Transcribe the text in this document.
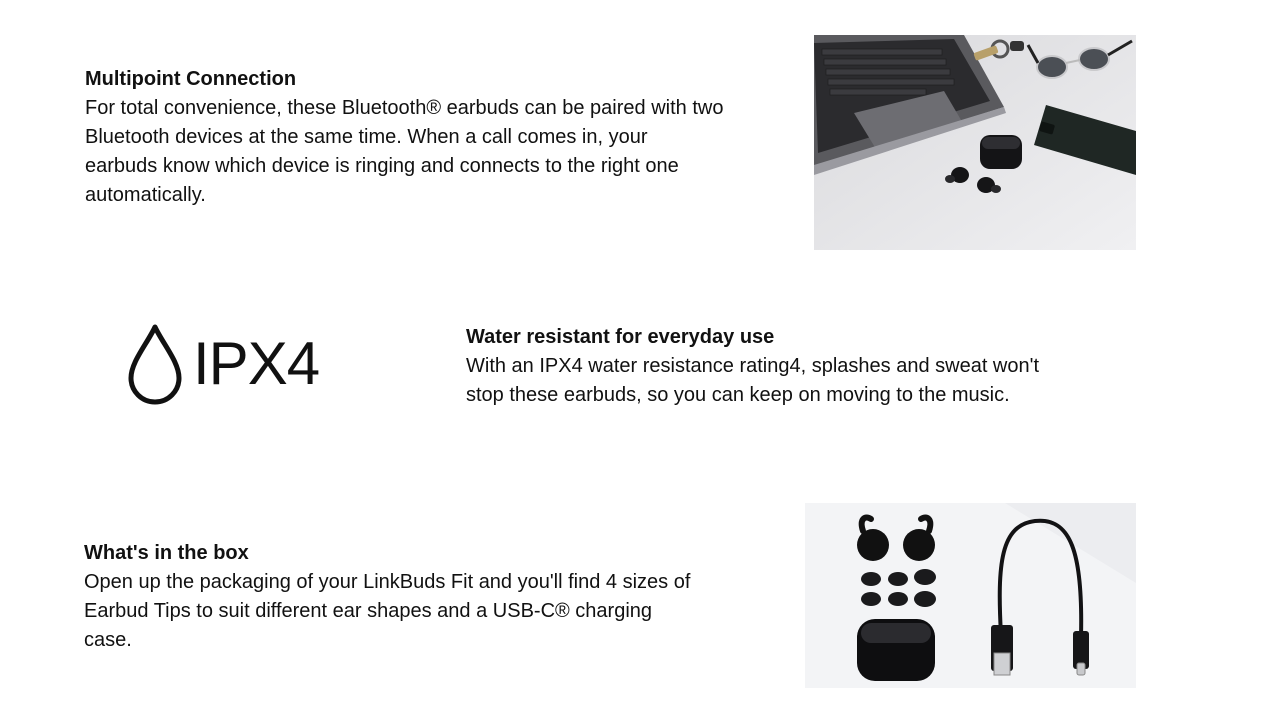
Multipoint Connection

For total convenience, these Bluetooth® earbuds can be paired with two Bluetooth devices at the same time. When a call comes in, your earbuds know which device is ringing and connects to the right one automatically.

IPX4	Water resistant for everyday use

With an IPX4 water resistance rating4, splashes and sweat won't stop these earbuds, so you can keep on moving to the music.

What's in the box

Open up the packaging of your LinkBuds Fit and you'll find 4 sizes of Earbud Tips to suit different ear shapes and a USB-C® charging case.
